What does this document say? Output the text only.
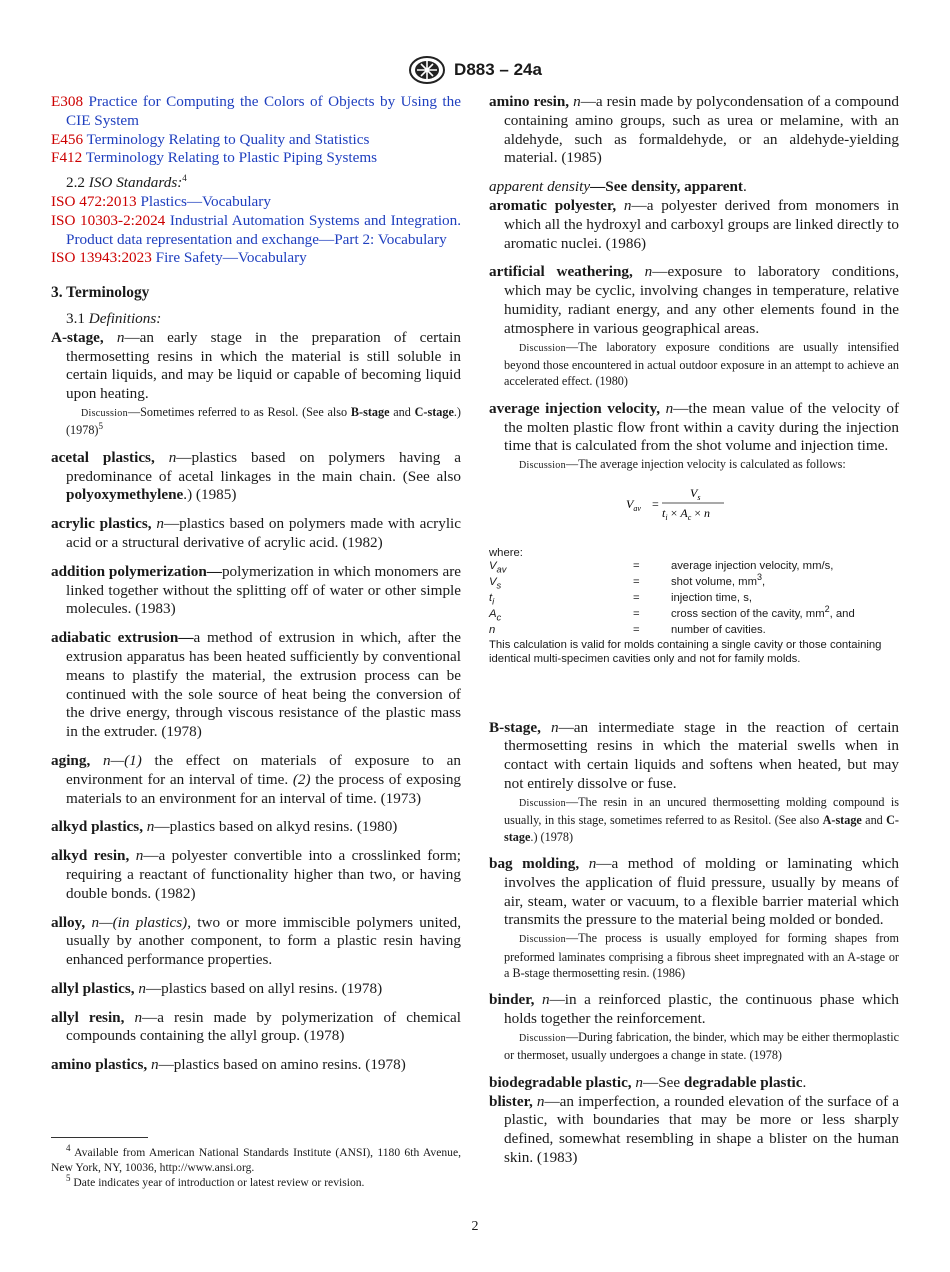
D883 – 24a

E308 Practice for Computing the Colors of Objects by Using the CIE System

E456 Terminology Relating to Quality and Statistics

F412 Terminology Relating to Plastic Piping Systems

2.2 ISO Standards:$^4$

ISO 472:2013 Plastics—Vocabulary

ISO 10303-2:2024 Industrial Automation Systems and Integration. Product data representation and exchange—Part 2: Vocabulary

ISO 13943:2023 Fire Safety—Vocabulary

3. Terminology

3.1 Definitions:

A-stage, n—an early stage in the preparation of certain thermosetting resins in which the material is still soluble in certain liquids, and may be liquid or capable of becoming liquid upon heating.

Discussion—Sometimes referred to as Resol. (See also B-stage and C-stage.) $(1978)^5$

acetal plastics, n—plastics based on polymers having a predominance of acetal linkages in the main chain. (See also polyoxymethylene.) (1985)

acrylic plastics, n—plastics based on polymers made with acrylic acid or a structural derivative of acrylic acid. (1982)

addition polymerization—polymerization in which monomers are linked together without the splitting off of water or other simple molecules. (1983)

adiabatic extrusion—a method of extrusion in which, after the extrusion apparatus has been heated sufficiently by conventional means to plastify the material, the extrusion process can be continued with the sole source of heat being the conversion of the drive energy, through viscous resistance of the plastic mass in the extruder. (1978)

aging, n—(1) the effect on materials of exposure to an environment for an interval of time. (2) the process of exposing materials to an environment for an interval of time. (1973)

alkyd plastics, n—plastics based on alkyd resins. (1980)

alkyd resin, n—a polyester convertible into a crosslinked form; requiring a reactant of functionality higher than two, or having double bonds. (1982)

alloy, n—(in plastics), two or more immiscible polymers united, usually by another component, to form a plastic resin having enhanced performance properties.

allyl plastics, n—plastics based on allyl resins. (1978)

allyl resin, n—a resin made by polymerization of chemical compounds containing the allyl group. (1978)

amino plastics, n—plastics based on amino resins. (1978)

$^4$ Available from American National Standards Institute (ANSI), 1180 6th Avenue, New York, NY, 10036, http://www.ansi.org.

$^5$ Date indicates year of introduction or latest review or revision.

amino resin, n—a resin made by polycondensation of a compound containing amino groups, such as urea or melamine, with an aldehyde, such as formaldehyde, or an aldehyde-yielding material. (1985)

apparent density—See density, apparent.

aromatic polyester, n—a polyester derived from monomers in which all the hydroxyl and carboxyl groups are linked directly to aromatic nuclei. (1986)

artificial weathering, n—exposure to laboratory conditions, which may be cyclic, involving changes in temperature, relative humidity, radiant energy, and any other elements found in the atmosphere in various geographical areas.

Discussion—The laboratory exposure conditions are usually intensified beyond those encountered in actual outdoor exposure in an attempt to achieve an accelerated effect. (1980)

average injection velocity, n—the mean value of the velocity of the molten plastic flow front within a cavity during the injection time that is calculated from the shot volume and injection time.

Discussion—The average injection velocity is calculated as follows:

$V_{av}$ =
$V_s$
$t_i \times A_c \times n$
where:
$V_{av}$	=	average injection velocity, mm/s,
$V_s$	=	shot volume, $mm^3$,
$t_i$	=	injection time, s,
$A_c$	=	cross section of the cavity, $mm^2$, and
n	=	number of cavities.
This calculation is valid for molds containing a single cavity or those containing identical multi-specimen cavities only and not for family molds.

B-stage, n—an intermediate stage in the reaction of certain thermosetting resins in which the material swells when in contact with certain liquids and softens when heated, but may not entirely dissolve or fuse.

Discussion—The resin in an uncured thermosetting molding compound is usually, in this stage, sometimes referred to as Resitol. (See also A-stage and C-stage.) (1978)

bag molding, n—a method of molding or laminating which involves the application of fluid pressure, usually by means of air, steam, water or vacuum, to a flexible barrier material which transmits the pressure to the material being molded or bonded.

Discussion—The process is usually employed for forming shapes from preformed laminates comprising a fibrous sheet impregnated with an A-stage or a B-stage thermosetting resin. (1986)

binder, n—in a reinforced plastic, the continuous phase which holds together the reinforcement.

Discussion—During fabrication, the binder, which may be either thermoplastic or thermoset, usually undergoes a change in state. (1978)

biodegradable plastic, n—See degradable plastic.

blister, n—an imperfection, a rounded elevation of the surface of a plastic, with boundaries that may be more or less sharply defined, somewhat resembling in shape a blister on the human skin. (1983)

2
